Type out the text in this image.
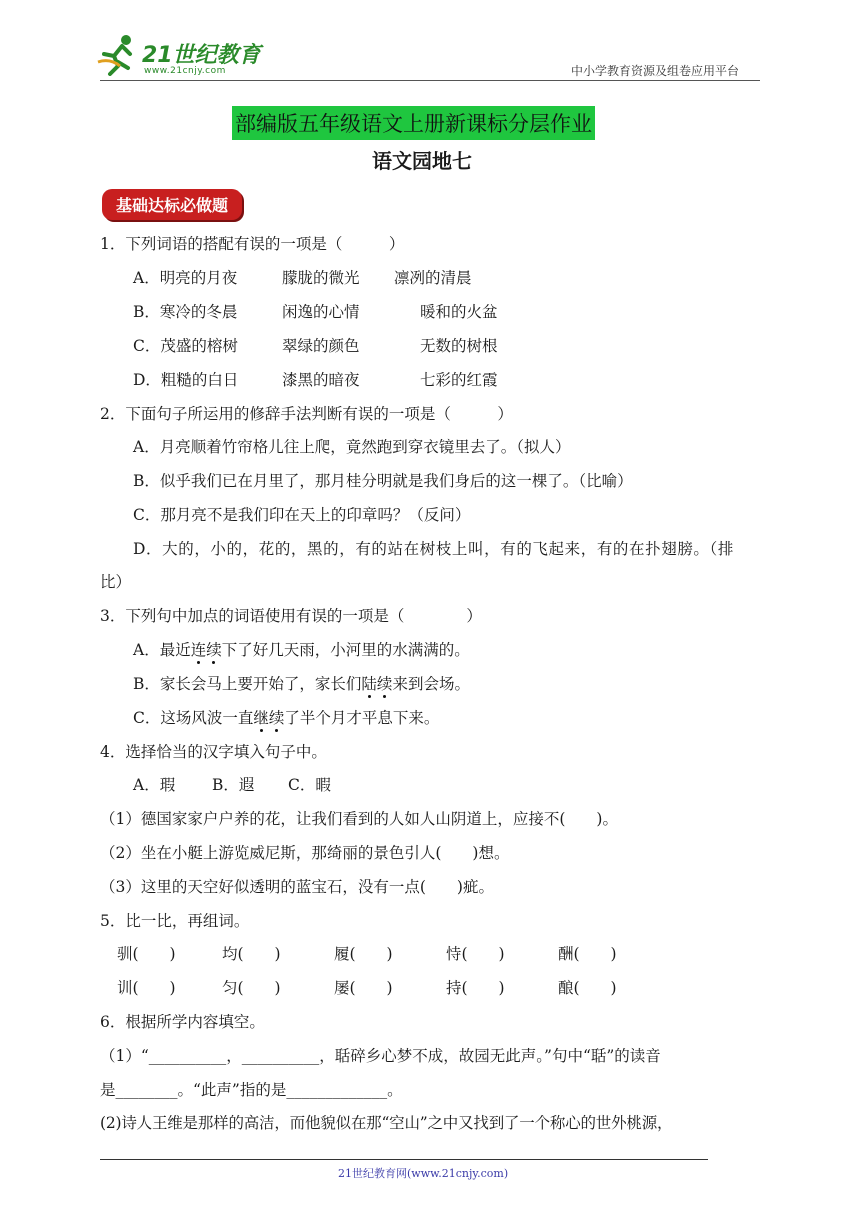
21世纪教育
www.21cnjy.com	中小学教育资源及组卷应用平台
部编版五年级语文上册新课标分层作业
语文园地七
基础达标必做题
1．下列词语的搭配有误的一项是（　　　）
A．明亮的月夜	朦胧的微光 凛冽的清晨
B．寒冷的冬晨	闲逸的心情	暖和的火盆
C．茂盛的榕树	翠绿的颜色	无数的树根
D．粗糙的白日	漆黑的暗夜	七彩的红霞
2．下面句子所运用的修辞手法判断有误的一项是（　　　）
A．月亮顺着竹帘格儿往上爬，竟然跑到穿衣镜里去了。（拟人）
B．似乎我们已在月里了，那月桂分明就是我们身后的这一棵了。（比喻）
C．那月亮不是我们印在天上的印章吗？（反问）
D．大的，小的，花的，黑的，有的站在树枝上叫，有的飞起来，有的在扑翅膀。（排
比）
3．下列句中加点的词语使用有误的一项是（　　　　）
A．最近连续下了好几天雨，小河里的水满满的。
B．家长会马上要开始了，家长们陆续来到会场。
C．这场风波一直继续了半个月才平息下来。
4．选择恰当的汉字填入句子中。
A．瑕 B．遐 C．暇
（1）德国家家户户养的花，让我们看到的人如人山阴道上，应接不(　　)。
（2）坐在小艇上游览威尼斯，那绮丽的景色引人(　　)想。
（3）这里的天空好似透明的蓝宝石，没有一点(　　)疵。
5．比一比，再组词。
驯(　　)	均(　　)	履(　　)	恃(　　)	酬(　　)
训(　　)	匀(　　)	屡(　　)	持(　　)	酿(　　)
6．根据所学内容填空。
（1）“__________，__________，聒碎乡心梦不成，故园无此声。”句中“聒”的读音
是________。“此声”指的是_____________。
(2)诗人王维是那样的高洁，而他貌似在那“空山”之中又找到了一个称心的世外桃源，
21世纪教育网(www.21cnjy.com)
